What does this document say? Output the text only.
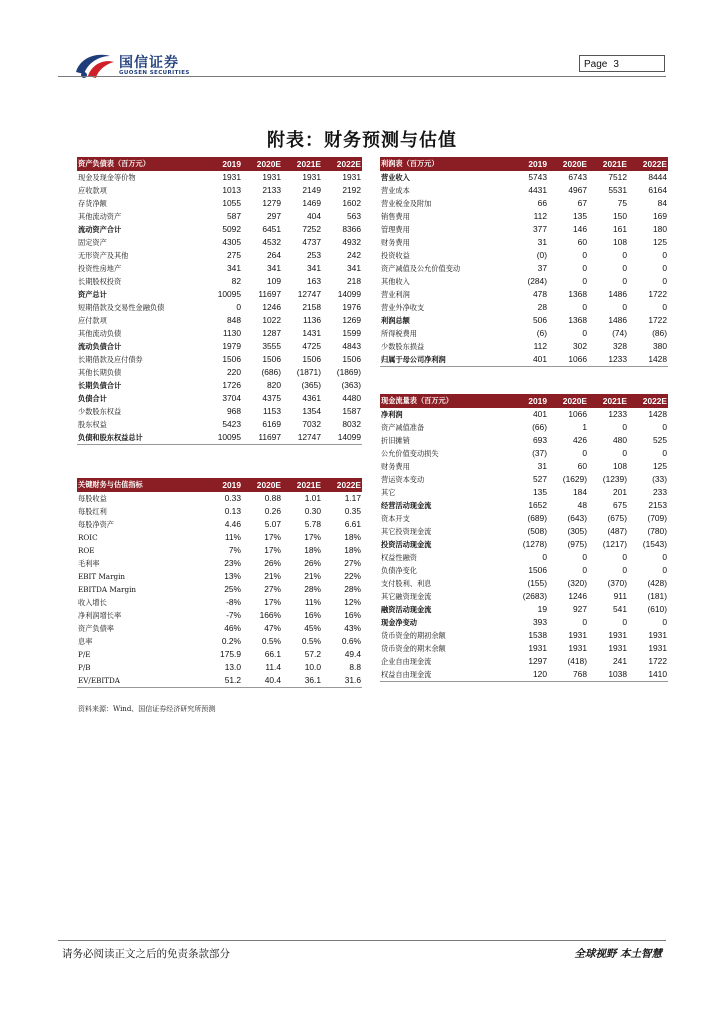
国信证券
GUOSEN SECURITIES
Page 3
附表：财务预测与估值
资产负债表（百万元）	2019	2020E	2021E	2022E
现金及现金等价物	1931	1931	1931	1931
应收款项	1013	2133	2149	2192
存货净额	1055	1279	1469	1602
其他流动资产	587	297	404	563
流动资产合计	5092	6451	7252	8366
固定资产	4305	4532	4737	4932
无形资产及其他	275	264	253	242
投资性房地产	341	341	341	341
长期股权投资	82	109	163	218
资产总计	10095	11697	12747	14099
短期借款及交易性金融负债	0	1246	2158	1976
应付款项	848	1022	1136	1269
其他流动负债	1130	1287	1431	1599
流动负债合计	1979	3555	4725	4843
长期借款及应付债券	1506	1506	1506	1506
其他长期负债	220	(686)	(1871)	(1869)
长期负债合计	1726	820	(365)	(363)
负债合计	3704	4375	4361	4480
少数股东权益	968	1153	1354	1587
股东权益	5423	6169	7032	8032
负债和股东权益总计	10095	11697	12747	14099
利润表（百万元）	2019	2020E	2021E	2022E
营业收入	5743	6743	7512	8444
营业成本	4431	4967	5531	6164
营业税金及附加	66	67	75	84
销售费用	112	135	150	169
管理费用	377	146	161	180
财务费用	31	60	108	125
投资收益	(0)	0	0	0
资产减值及公允价值变动	37	0	0	0
其他收入	(284)	0	0	0
营业利润	478	1368	1486	1722
营业外净收支	28	0	0	0
利润总额	506	1368	1486	1722
所得税费用	(6)	0	(74)	(86)
少数股东损益	112	302	328	380
归属于母公司净利润	401	1066	1233	1428
现金流量表（百万元）	2019	2020E	2021E	2022E
净利润	401	1066	1233	1428
资产减值准备	(66)	1	0	0
折旧摊销	693	426	480	525
公允价值变动损失	(37)	0	0	0
财务费用	31	60	108	125
营运资本变动	527	(1629)	(1239)	(33)
其它	135	184	201	233
经营活动现金流	1652	48	675	2153
资本开支	(689)	(643)	(675)	(709)
其它投资现金流	(508)	(305)	(487)	(780)
投资活动现金流	(1278)	(975)	(1217)	(1543)
权益性融资	0	0	0	0
负债净变化	1506	0	0	0
支付股利、利息	(155)	(320)	(370)	(428)
其它融资现金流	(2683)	1246	911	(181)
融资活动现金流	19	927	541	(610)
现金净变动	393	0	0	0
货币资金的期初余额	1538	1931	1931	1931
货币资金的期末余额	1931	1931	1931	1931
企业自由现金流	1297	(418)	241	1722
权益自由现金流	120	768	1038	1410
关键财务与估值指标	2019	2020E	2021E	2022E
每股收益	0.33	0.88	1.01	1.17
每股红利	0.13	0.26	0.30	0.35
每股净资产	4.46	5.07	5.78	6.61
ROIC	11%	17%	17%	18%
ROE	7%	17%	18%	18%
毛利率	23%	26%	26%	27%
EBIT Margin	13%	21%	21%	22%
EBITDA Margin	25%	27%	28%	28%
收入增长	-8%	17%	11%	12%
净利润增长率	-7%	166%	16%	16%
资产负债率	46%	47%	45%	43%
息率	0.2%	0.5%	0.5%	0.6%
P/E	175.9	66.1	57.2	49.4
P/B	13.0	11.4	10.0	8.8
EV/EBITDA	51.2	40.4	36.1	31.6
资料来源：Wind、国信证券经济研究所预测
请务必阅读正文之后的免责条款部分	全球视野 本土智慧
